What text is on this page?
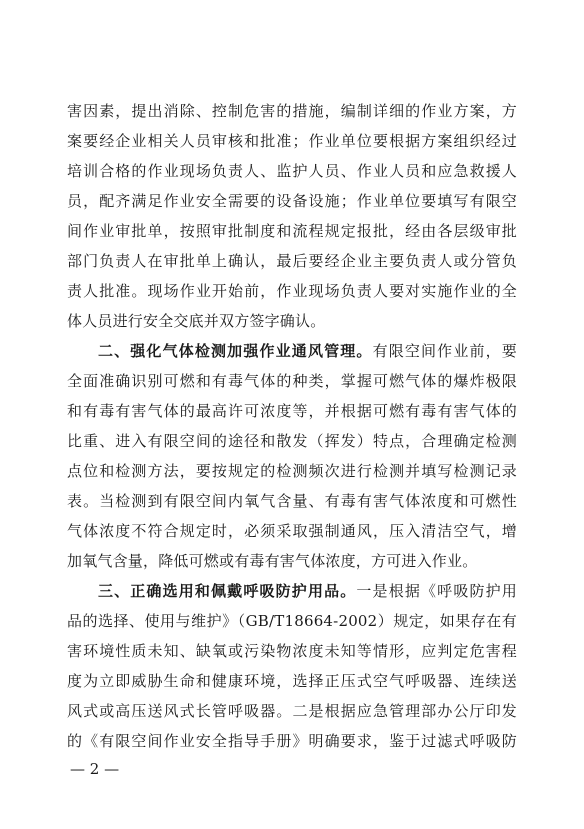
害因素，提出消除、控制危害的措施，编制详细的作业方案，方
案要经企业相关人员审核和批准；作业单位要根据方案组织经过
培训合格的作业现场负责人、监护人员、作业人员和应急救援人
员，配齐满足作业安全需要的设备设施；作业单位要填写有限空
间作业审批单，按照审批制度和流程规定报批，经由各层级审批
部门负责人在审批单上确认，最后要经企业主要负责人或分管负
责人批准。现场作业开始前，作业现场负责人要对实施作业的全
体人员进行安全交底并双方签字确认。
二、强化气体检测加强作业通风管理。有限空间作业前，要
全面准确识别可燃和有毒气体的种类，掌握可燃气体的爆炸极限
和有毒有害气体的最高许可浓度等，并根据可燃有毒有害气体的
比重、进入有限空间的途径和散发（挥发）特点，合理确定检测
点位和检测方法，要按规定的检测频次进行检测并填写检测记录
表。当检测到有限空间内氧气含量、有毒有害气体浓度和可燃性
气体浓度不符合规定时，必须采取强制通风，压入清洁空气，增
加氧气含量，降低可燃或有毒有害气体浓度，方可进入作业。
三、正确选用和佩戴呼吸防护用品。一是根据《呼吸防护用
品的选择、使用与维护》（GB/T18664-2002）规定，如果存在有
害环境性质未知、缺氧或污染物浓度未知等情形，应判定危害程
度为立即威胁生命和健康环境，选择正压式空气呼吸器、连续送
风式或高压送风式长管呼吸器。二是根据应急管理部办公厅印发
的《有限空间作业安全指导手册》明确要求，鉴于过滤式呼吸防
— 2 —
